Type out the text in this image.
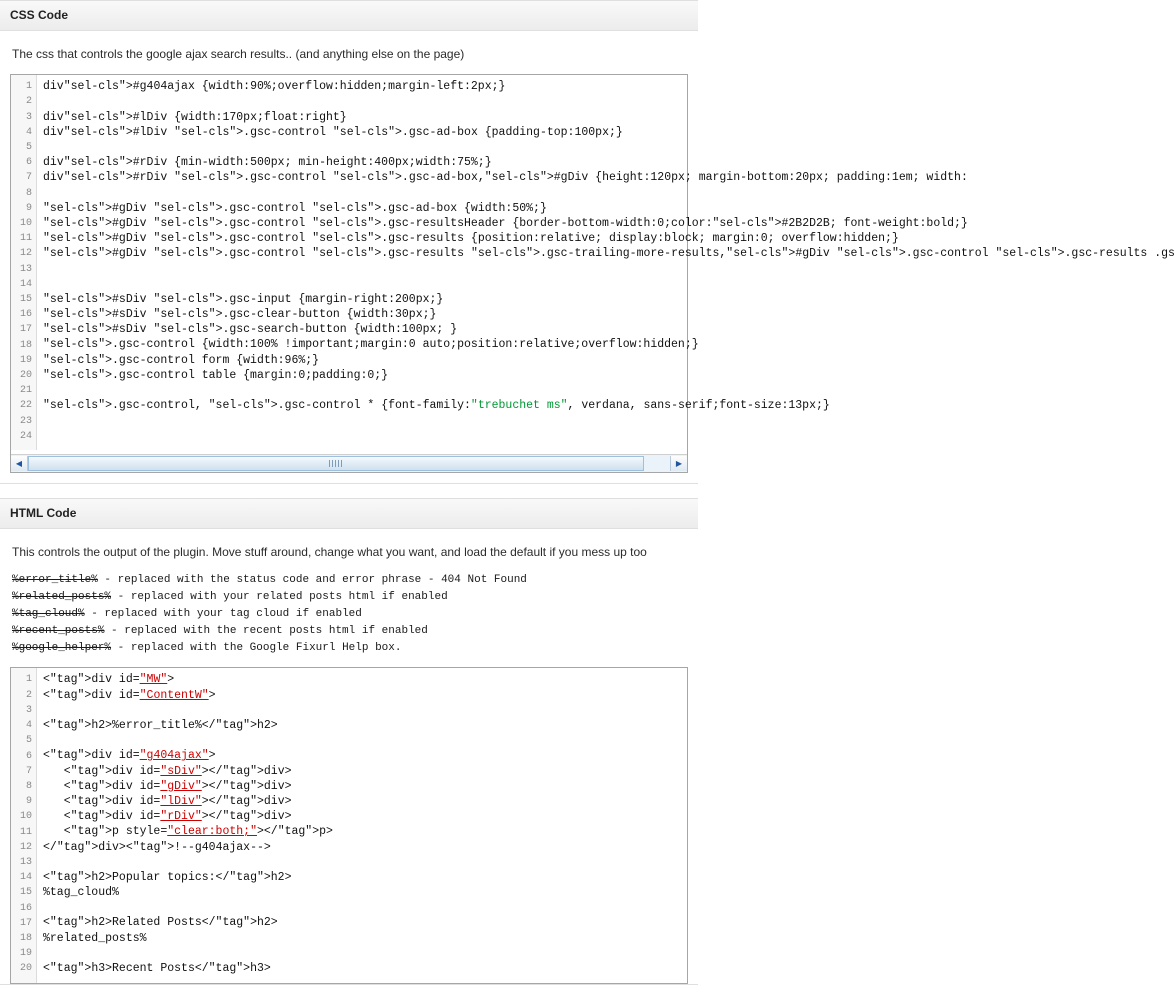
CSS Code
The css that controls the google ajax search results.. (and anything else on the page)
1
2
3
4
5
6
7
8
9
10
11
12
13
14
15
16
17
18
19
20
21
22
23
24
div"sel-cls">#g404ajax {width:90%;overflow:hidden;margin-left:2px;}
div"sel-cls">#lDiv {width:170px;float:right}
div"sel-cls">#lDiv "sel-cls">.gsc-control "sel-cls">.gsc-ad-box {padding-top:100px;}
div"sel-cls">#rDiv {min-width:500px; min-height:400px;width:75%;}
div"sel-cls">#rDiv "sel-cls">.gsc-control "sel-cls">.gsc-ad-box,"sel-cls">#gDiv {height:120px; margin-bottom:20px; padding:1em; width:
"sel-cls">#gDiv "sel-cls">.gsc-control "sel-cls">.gsc-ad-box {width:50%;}
"sel-cls">#gDiv "sel-cls">.gsc-control "sel-cls">.gsc-resultsHeader {border-bottom-width:0;color:"sel-cls">#2B2D2B; font-weight:bold;}
"sel-cls">#gDiv "sel-cls">.gsc-control "sel-cls">.gsc-results {position:relative; display:block; margin:0; overflow:hidden;}
"sel-cls">#gDiv "sel-cls">.gsc-control "sel-cls">.gsc-results "sel-cls">.gsc-trailing-more-results,"sel-cls">#gDiv "sel-cls">.gsc-control "sel-cls">.gsc-results .gs
"sel-cls">#sDiv "sel-cls">.gsc-input {margin-right:200px;}
"sel-cls">#sDiv "sel-cls">.gsc-clear-button {width:30px;}
"sel-cls">#sDiv "sel-cls">.gsc-search-button {width:100px; }
"sel-cls">.gsc-control {width:100% !important;margin:0 auto;position:relative;overflow:hidden;}
"sel-cls">.gsc-control form {width:96%;}
"sel-cls">.gsc-control table {margin:0;padding:0;}
"sel-cls">.gsc-control, "sel-cls">.gsc-control * {font-family:"trebuchet ms", verdana, sans-serif;font-size:13px;}
◀	▶
HTML Code
This controls the output of the plugin. Move stuff around, change what you want, and load the default if you mess up too
%error_title% - replaced with the status code and error phrase - 404 Not Found
%related_posts% - replaced with your related posts html if enabled
%tag_cloud% - replaced with your tag cloud if enabled
%recent_posts% - replaced with the recent posts html if enabled
%google_helper% - replaced with the Google Fixurl Help box.
1
2
3
4
5
6
7
8
9
10
11
12
13
14
15
16
17
18
19
20
<"tag">div id="MW">
<"tag">div id="ContentW">
<"tag">h2>%error_title%</"tag">h2>
<"tag">div id="g404ajax">
<"tag">div id="sDiv"></"tag">div>
<"tag">div id="gDiv"></"tag">div>
<"tag">div id="lDiv"></"tag">div>
<"tag">div id="rDiv"></"tag">div>
<"tag">p style="clear:both;"></"tag">p>
</"tag">div><"tag">!--g404ajax-->
<"tag">h2>Popular topics:</"tag">h2>
%tag_cloud%
<"tag">h2>Related Posts</"tag">h2>
%related_posts%
<"tag">h3>Recent Posts</"tag">h3>
